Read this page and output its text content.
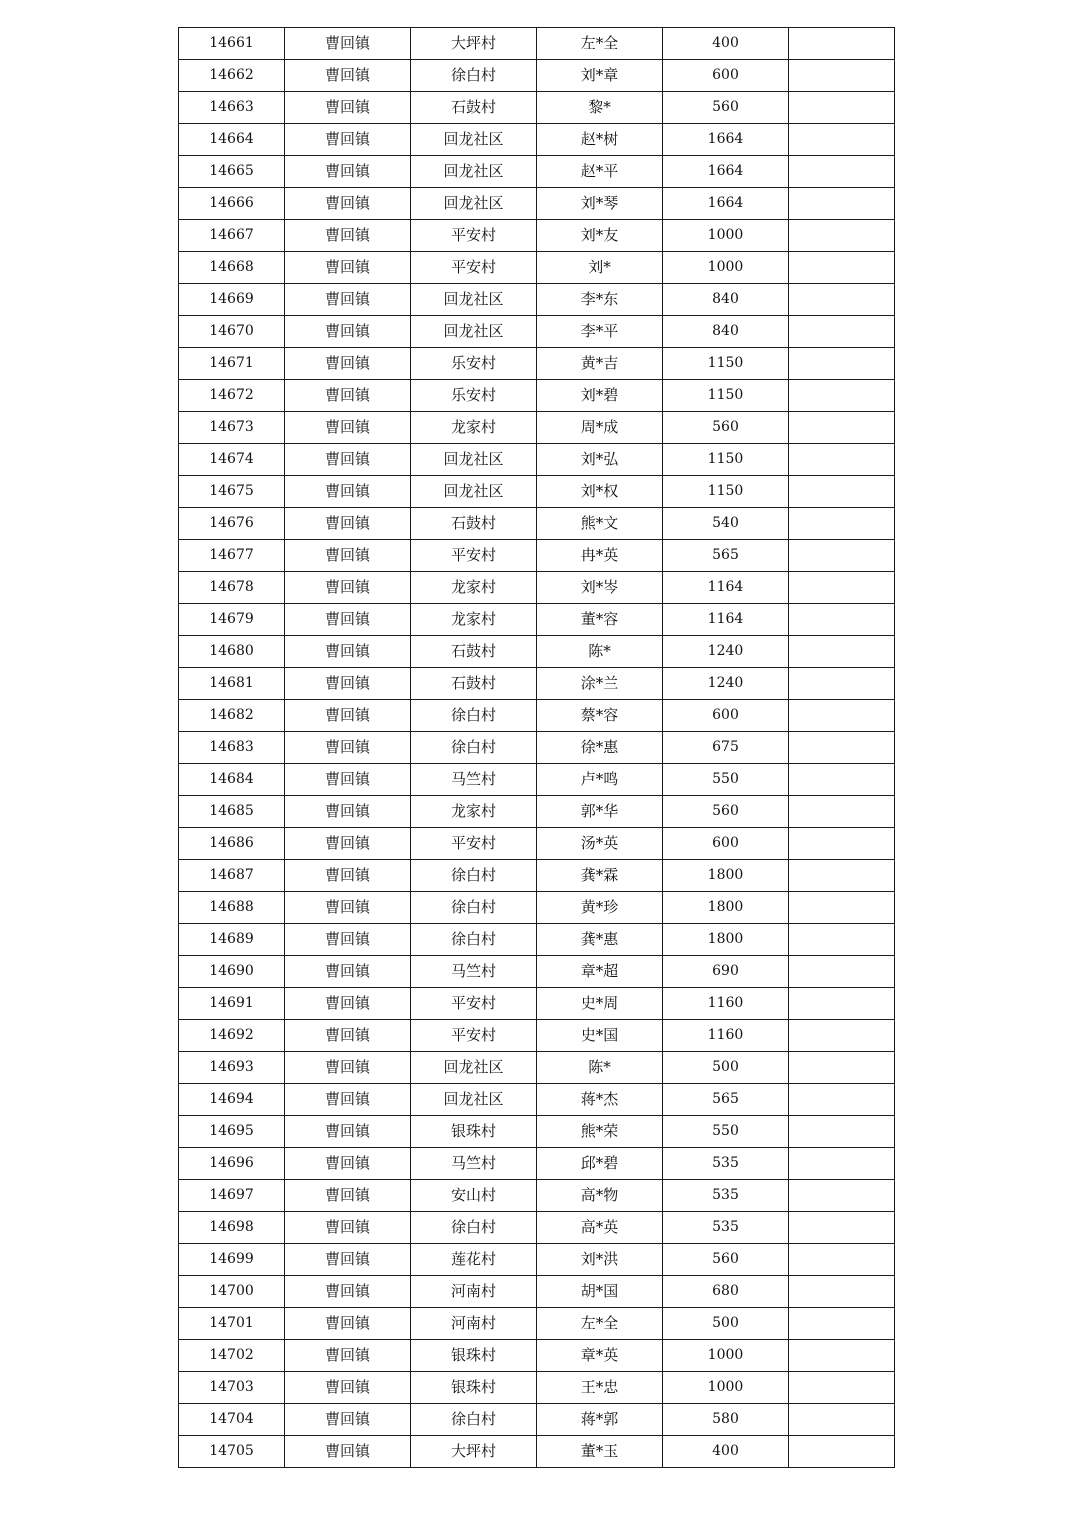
14661	曹回镇	大坪村	左*全	400	
14662	曹回镇	徐白村	刘*章	600	
14663	曹回镇	石鼓村	黎*	560	
14664	曹回镇	回龙社区	赵*树	1664	
14665	曹回镇	回龙社区	赵*平	1664	
14666	曹回镇	回龙社区	刘*琴	1664	
14667	曹回镇	平安村	刘*友	1000	
14668	曹回镇	平安村	刘*	1000	
14669	曹回镇	回龙社区	李*东	840	
14670	曹回镇	回龙社区	李*平	840	
14671	曹回镇	乐安村	黄*吉	1150	
14672	曹回镇	乐安村	刘*碧	1150	
14673	曹回镇	龙家村	周*成	560	
14674	曹回镇	回龙社区	刘*弘	1150	
14675	曹回镇	回龙社区	刘*权	1150	
14676	曹回镇	石鼓村	熊*文	540	
14677	曹回镇	平安村	冉*英	565	
14678	曹回镇	龙家村	刘*岑	1164	
14679	曹回镇	龙家村	董*容	1164	
14680	曹回镇	石鼓村	陈*	1240	
14681	曹回镇	石鼓村	涂*兰	1240	
14682	曹回镇	徐白村	蔡*容	600	
14683	曹回镇	徐白村	徐*惠	675	
14684	曹回镇	马竺村	卢*鸣	550	
14685	曹回镇	龙家村	郭*华	560	
14686	曹回镇	平安村	汤*英	600	
14687	曹回镇	徐白村	龚*霖	1800	
14688	曹回镇	徐白村	黄*珍	1800	
14689	曹回镇	徐白村	龚*惠	1800	
14690	曹回镇	马竺村	章*超	690	
14691	曹回镇	平安村	史*周	1160	
14692	曹回镇	平安村	史*国	1160	
14693	曹回镇	回龙社区	陈*	500	
14694	曹回镇	回龙社区	蒋*杰	565	
14695	曹回镇	银珠村	熊*荣	550	
14696	曹回镇	马竺村	邱*碧	535	
14697	曹回镇	安山村	高*物	535	
14698	曹回镇	徐白村	高*英	535	
14699	曹回镇	莲花村	刘*洪	560	
14700	曹回镇	河南村	胡*国	680	
14701	曹回镇	河南村	左*全	500	
14702	曹回镇	银珠村	章*英	1000	
14703	曹回镇	银珠村	王*忠	1000	
14704	曹回镇	徐白村	蒋*郭	580	
14705	曹回镇	大坪村	董*玉	400	
